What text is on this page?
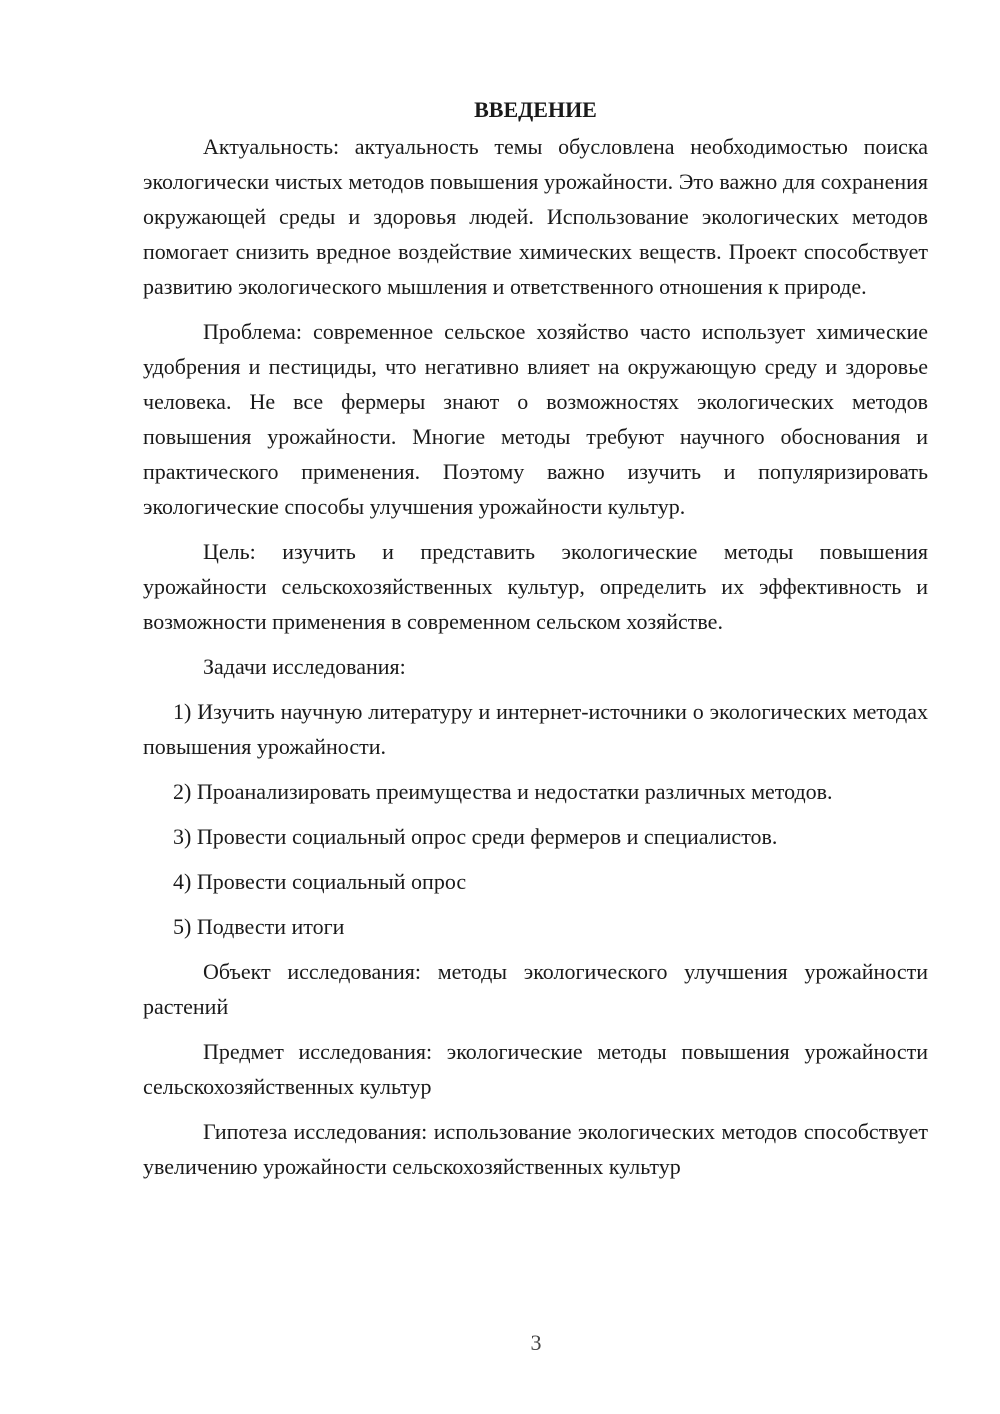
ВВЕДЕНИЕ

Актуальность: актуальность темы обусловлена необходимостью поиска экологически чистых методов повышения урожайности. Это важно для сохранения окружающей среды и здоровья людей. Использование экологических методов помогает снизить вредное воздействие химических веществ. Проект способствует развитию экологического мышления и ответственного отношения к природе.

Проблема: современное сельское хозяйство часто использует химические удобрения и пестициды, что негативно влияет на окружающую среду и здоровье человека. Не все фермеры знают о возможностях экологических методов повышения урожайности. Многие методы требуют научного обоснования и практического применения. Поэтому важно изучить и популяризировать экологические способы улучшения урожайности культур.

Цель: изучить и представить экологические методы повышения урожайности сельскохозяйственных культур, определить их эффективность и возможности применения в современном сельском хозяйстве.

Задачи исследования:

1) Изучить научную литературу и интернет-источники о экологических методах повышения урожайности.

2) Проанализировать преимущества и недостатки различных методов.

3) Провести социальный опрос среди фермеров и специалистов.

4) Провести социальный опрос

5) Подвести итоги

Объект исследования: методы экологического улучшения урожайности растений

Предмет исследования: экологические методы повышения урожайности сельскохозяйственных культур

Гипотеза исследования: использование экологических методов способствует увеличению урожайности сельскохозяйственных культур

3
